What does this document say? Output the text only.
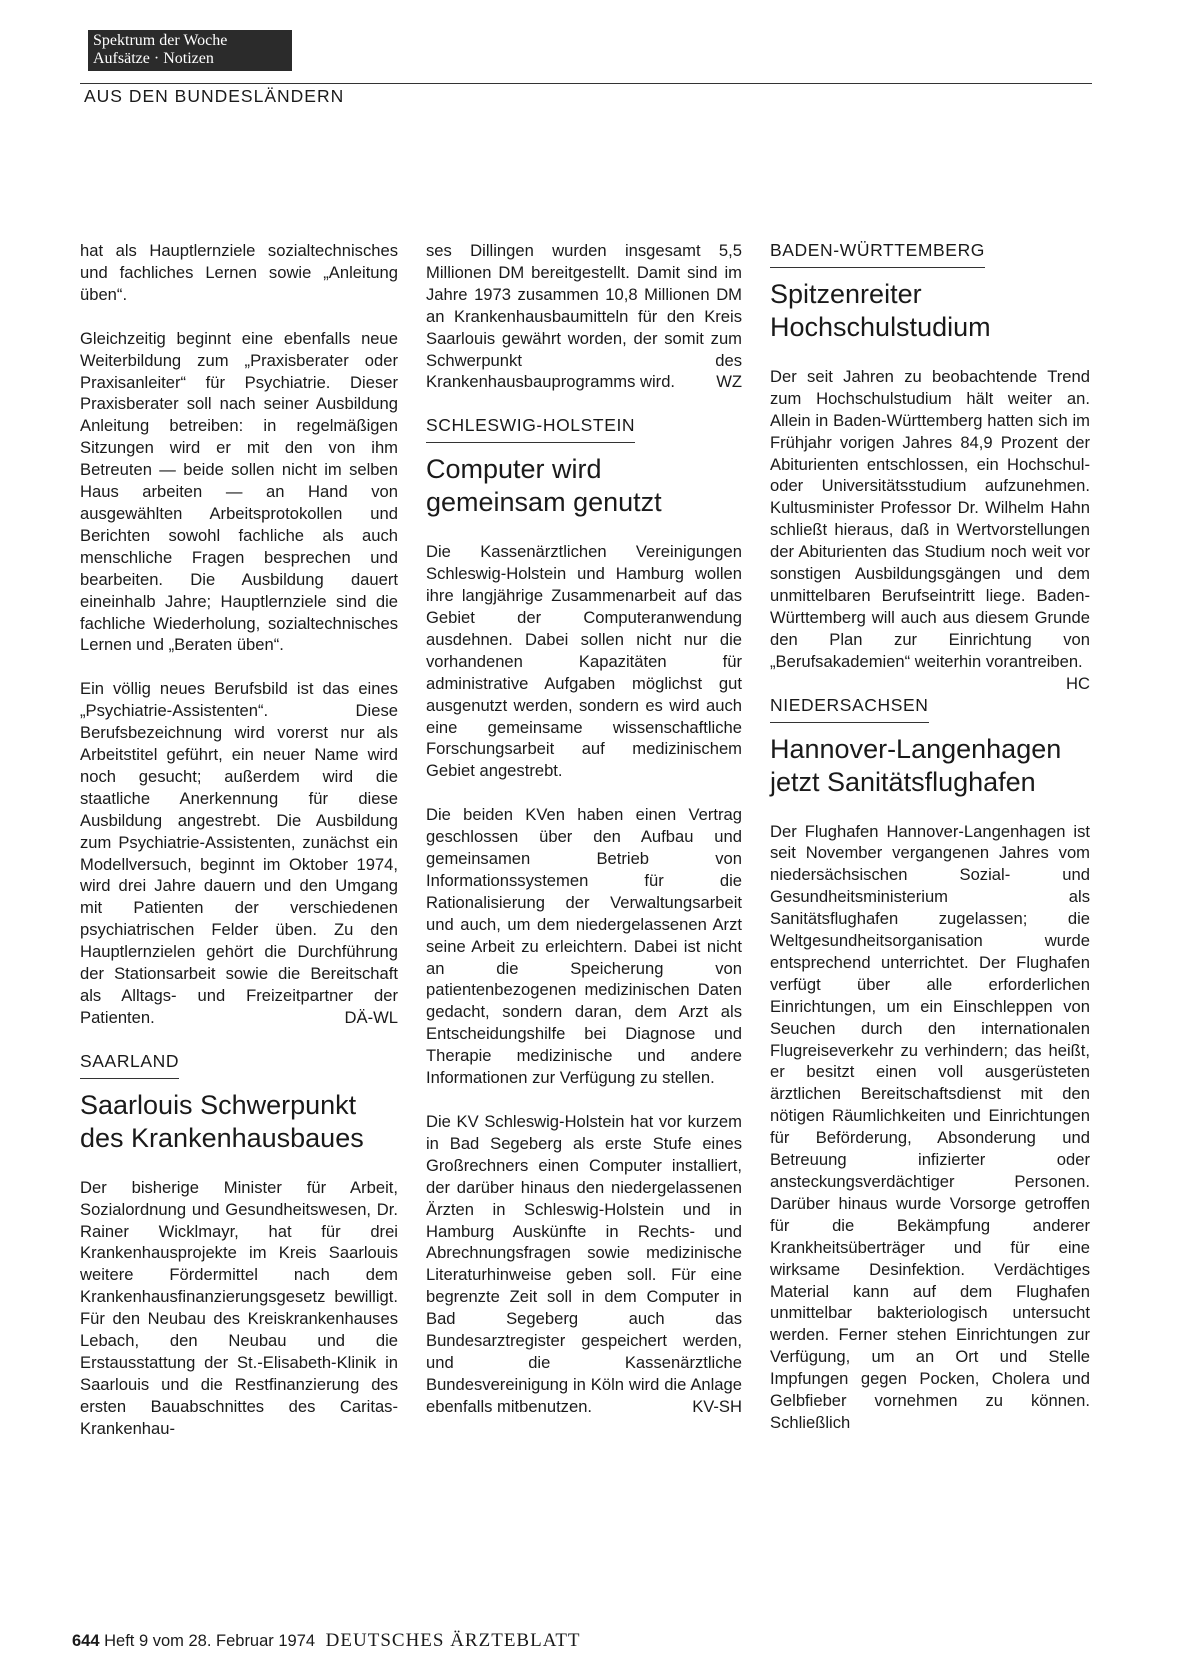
Spektrum der Woche
Aufsätze · Notizen
AUS DEN BUNDESLÄNDERN

hat als Hauptlernziele sozialtechnisches und fachliches Lernen sowie „Anleitung üben“.

Gleichzeitig beginnt eine ebenfalls neue Weiterbildung zum „Praxisberater oder Praxisanleiter“ für Psychiatrie. Dieser Praxisberater soll nach seiner Ausbildung Anleitung betreiben: in regelmäßigen Sitzungen wird er mit den von ihm Betreuten — beide sollen nicht im selben Haus arbeiten — an Hand von ausgewählten Arbeitsprotokollen und Berichten sowohl fachliche als auch menschliche Fragen besprechen und bearbeiten. Die Ausbildung dauert eineinhalb Jahre; Hauptlernziele sind die fachliche Wiederholung, sozialtechnisches Lernen und „Beraten üben“.

Ein völlig neues Berufsbild ist das eines „Psychiatrie-Assistenten“. Diese Berufsbezeichnung wird vorerst nur als Arbeitstitel geführt, ein neuer Name wird noch gesucht; außerdem wird die staatliche Anerkennung für diese Ausbildung angestrebt. Die Ausbildung zum Psychiatrie-Assistenten, zunächst ein Modellversuch, beginnt im Oktober 1974, wird drei Jahre dauern und den Umgang mit Patienten der verschiedenen psychiatrischen Felder üben. Zu den Hauptlernzielen gehört die Durchführung der Stationsarbeit sowie die Bereitschaft als Alltags- und Freizeitpartner der Patienten.	DÄ-WL

SAARLAND
Saarlouis Schwerpunkt des Krankenhausbaues

Der bisherige Minister für Arbeit, Sozialordnung und Gesundheitswesen, Dr. Rainer Wicklmayr, hat für drei Krankenhausprojekte im Kreis Saarlouis weitere Fördermittel nach dem Krankenhausfinanzierungsgesetz bewilligt. Für den Neubau des Kreiskrankenhauses Lebach, den Neubau und die Erstausstattung der St.-Elisabeth-Klinik in Saarlouis und die Restfinanzierung des ersten Bauabschnittes des Caritas-Krankenhau-

ses Dillingen wurden insgesamt 5,5 Millionen DM bereitgestellt. Damit sind im Jahre 1973 zusammen 10,8 Millionen DM an Krankenhausbaumitteln für den Kreis Saarlouis gewährt worden, der somit zum Schwerpunkt des Krankenhausbauprogramms wird. WZ

SCHLESWIG-HOLSTEIN
Computer wird gemeinsam genutzt

Die Kassenärztlichen Vereinigungen Schleswig-Holstein und Hamburg wollen ihre langjährige Zusammenarbeit auf das Gebiet der Computeranwendung ausdehnen. Dabei sollen nicht nur die vorhandenen Kapazitäten für administrative Aufgaben möglichst gut ausgenutzt werden, sondern es wird auch eine gemeinsame wissenschaftliche Forschungsarbeit auf medizinischem Gebiet angestrebt.

Die beiden KVen haben einen Vertrag geschlossen über den Aufbau und gemeinsamen Betrieb von Informationssystemen für die Rationalisierung der Verwaltungsarbeit und auch, um dem niedergelassenen Arzt seine Arbeit zu erleichtern. Dabei ist nicht an die Speicherung von patientenbezogenen medizinischen Daten gedacht, sondern daran, dem Arzt als Entscheidungshilfe bei Diagnose und Therapie medizinische und andere Informationen zur Verfügung zu stellen.

Die KV Schleswig-Holstein hat vor kurzem in Bad Segeberg als erste Stufe eines Großrechners einen Computer installiert, der darüber hinaus den niedergelassenen Ärzten in Schleswig-Holstein und in Hamburg Auskünfte in Rechts- und Abrechnungsfragen sowie medizinische Literaturhinweise geben soll. Für eine begrenzte Zeit soll in dem Computer in Bad Segeberg auch das Bundesarztregister gespeichert werden, und die Kassenärztliche Bundesvereinigung in Köln wird die Anlage ebenfalls mitbenutzen.	KV-SH

BADEN-WÜRTTEMBERG
Spitzenreiter Hochschulstudium

Der seit Jahren zu beobachtende Trend zum Hochschulstudium hält weiter an. Allein in Baden-Württemberg hatten sich im Frühjahr vorigen Jahres 84,9 Prozent der Abiturienten entschlossen, ein Hochschul- oder Universitätsstudium aufzunehmen. Kultusminister Professor Dr. Wilhelm Hahn schließt hieraus, daß in Wertvorstellungen der Abiturienten das Studium noch weit vor sonstigen Ausbildungsgängen und dem unmittelbaren Berufseintritt liege. Baden-Württemberg will auch aus diesem Grunde den Plan zur Einrichtung von „Berufsakademien“ weiterhin vorantreiben.
HC

NIEDERSACHSEN
Hannover-Langenhagen jetzt Sanitätsflughafen

Der Flughafen Hannover-Langenhagen ist seit November vergangenen Jahres vom niedersächsischen Sozial- und Gesundheitsministerium als Sanitätsflughafen zugelassen; die Weltgesundheitsorganisation wurde entsprechend unterrichtet. Der Flughafen verfügt über alle erforderlichen Einrichtungen, um ein Einschleppen von Seuchen durch den internationalen Flugreiseverkehr zu verhindern; das heißt, er besitzt einen voll ausgerüsteten ärztlichen Bereitschaftsdienst mit den nötigen Räumlichkeiten und Einrichtungen für Beförderung, Absonderung und Betreuung infizierter oder ansteckungsverdächtiger Personen. Darüber hinaus wurde Vorsorge getroffen für die Bekämpfung anderer Krankheitsüberträger und für eine wirksame Desinfektion. Verdächtiges Material kann auf dem Flughafen unmittelbar bakteriologisch untersucht werden. Ferner stehen Einrichtungen zur Verfügung, um an Ort und Stelle Impfungen gegen Pocken, Cholera und Gelbfieber vornehmen zu können. Schließlich

644 Heft 9 vom 28. Februar 1974 DEUTSCHES ÄRZTEBLATT
